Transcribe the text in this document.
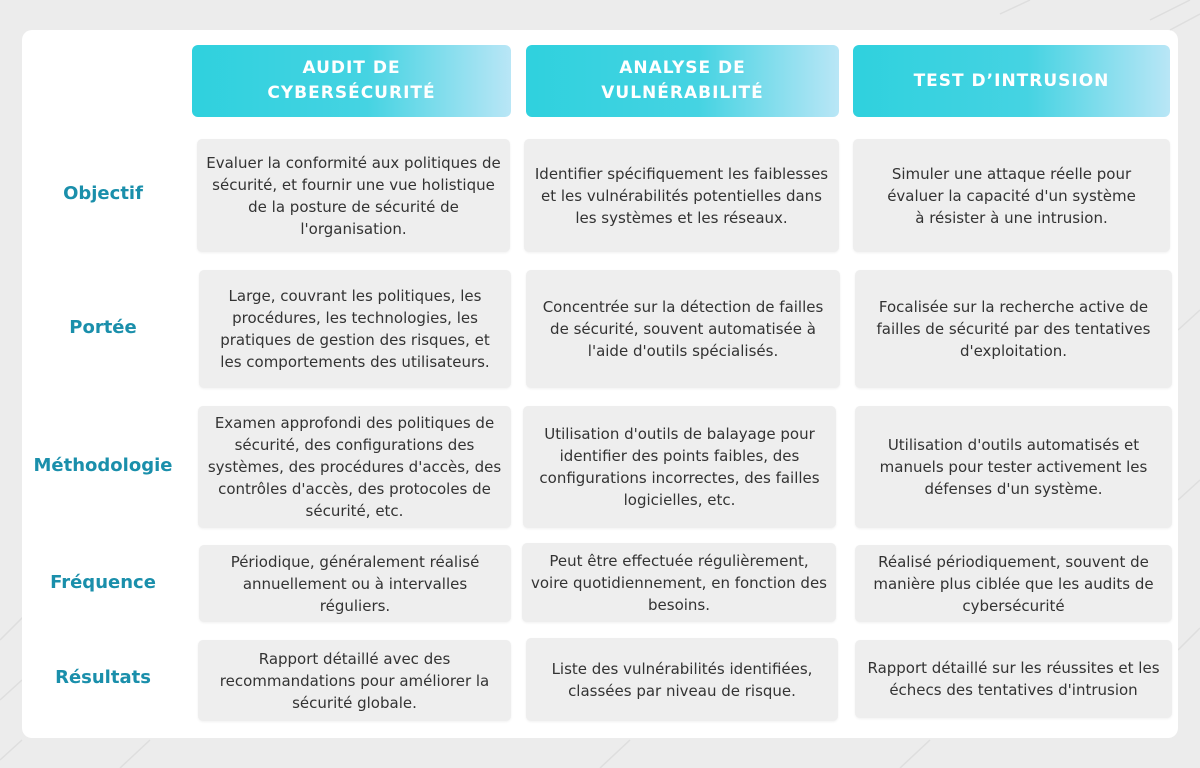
AUDIT DE
CYBERSÉCURITÉ
ANALYSE DE
VULNÉRABILITÉ
TEST D’INTRUSION
Objectif
Portée
Méthodologie
Fréquence
Résultats
Evaluer la conformité aux politiques de sécurité, et fournir une vue holistique de la posture de sécurité de l'organisation.
Identifier spécifiquement les faiblesses et les vulnérabilités potentielles dans les systèmes et les réseaux.
Simuler une attaque réelle pour évaluer la capacité d'un système à résister à une intrusion.
Large, couvrant les politiques, les procédures, les technologies, les pratiques de gestion des risques, et les comportements des utilisateurs.
Concentrée sur la détection de failles de sécurité, souvent automatisée à l'aide d'outils spécialisés.
Focalisée sur la recherche active de failles de sécurité par des tentatives d'exploitation.
Examen approfondi des politiques de sécurité, des configurations des systèmes, des procédures d'accès, des contrôles d'accès, des protocoles de sécurité, etc.
Utilisation d'outils de balayage pour identifier des points faibles, des configurations incorrectes, des failles logicielles, etc.
Utilisation d'outils automatisés et manuels pour tester activement les défenses d'un système.
Périodique, généralement réalisé annuellement ou à intervalles réguliers.
Peut être effectuée régulièrement, voire quotidiennement, en fonction des besoins.
Réalisé périodiquement, souvent de manière plus ciblée que les audits de cybersécurité
Rapport détaillé avec des recommandations pour améliorer la sécurité globale.
Liste des vulnérabilités identifiées, classées par niveau de risque.
Rapport détaillé sur les réussites et les échecs des tentatives d'intrusion
